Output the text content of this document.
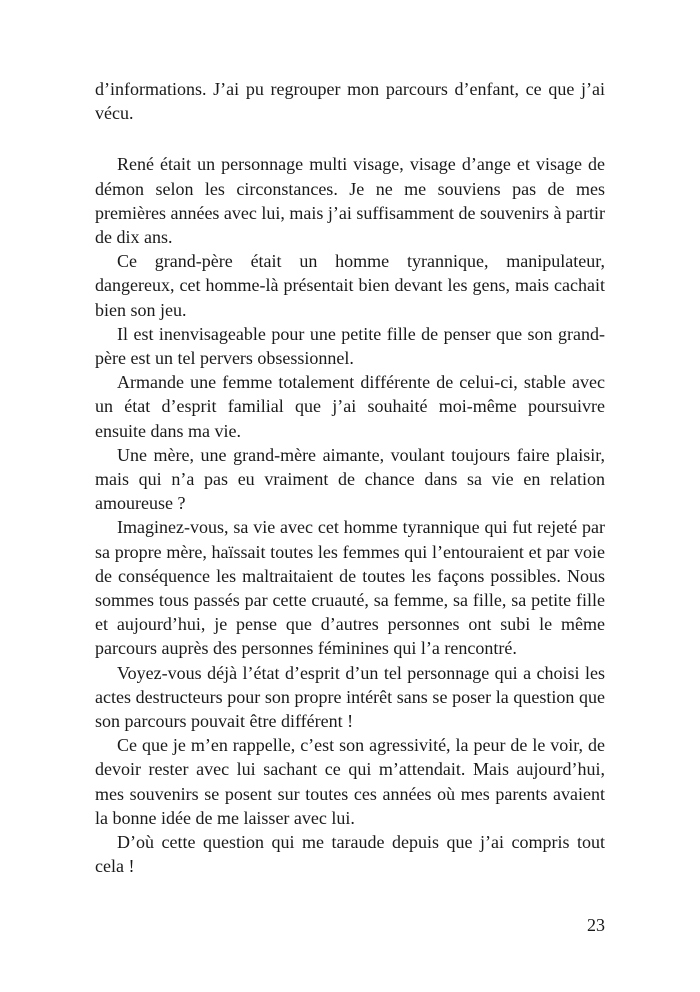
d’informations. J’ai pu regrouper mon parcours d’enfant, ce que j’ai vécu.

René était un personnage multi visage, visage d’ange et visage de démon selon les circonstances. Je ne me souviens pas de mes premières années avec lui, mais j’ai suffisamment de souvenirs à partir de dix ans.

Ce grand-père était un homme tyrannique, manipulateur, dangereux, cet homme-là présentait bien devant les gens, mais cachait bien son jeu.

Il est inenvisageable pour une petite fille de penser que son grand-père est un tel pervers obsessionnel.

Armande une femme totalement différente de celui-ci, stable avec un état d’esprit familial que j’ai souhaité moi-même poursuivre ensuite dans ma vie.

Une mère, une grand-mère aimante, voulant toujours faire plaisir, mais qui n’a pas eu vraiment de chance dans sa vie en relation amoureuse ?

Imaginez-vous, sa vie avec cet homme tyrannique qui fut rejeté par sa propre mère, haïssait toutes les femmes qui l’entouraient et par voie de conséquence les maltraitaient de toutes les façons possibles. Nous sommes tous passés par cette cruauté, sa femme, sa fille, sa petite fille et aujourd’hui, je pense que d’autres personnes ont subi le même parcours auprès des personnes féminines qui l’a rencontré.

Voyez-vous déjà l’état d’esprit d’un tel personnage qui a choisi les actes destructeurs pour son propre intérêt sans se poser la question que son parcours pouvait être différent !

Ce que je m’en rappelle, c’est son agressivité, la peur de le voir, de devoir rester avec lui sachant ce qui m’attendait. Mais aujourd’hui, mes souvenirs se posent sur toutes ces années où mes parents avaient la bonne idée de me laisser avec lui.

D’où cette question qui me taraude depuis que j’ai compris tout cela !

23
